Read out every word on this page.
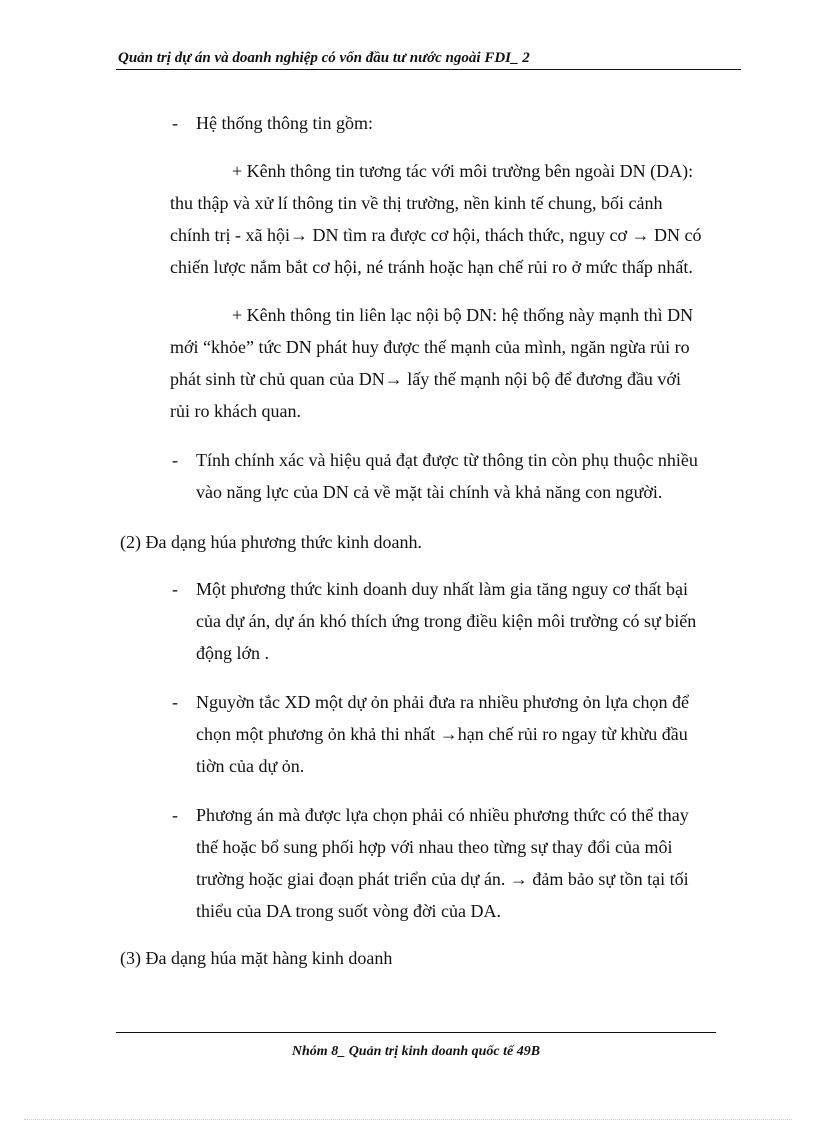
Quản trị dự án và doanh nghiệp có vốn đầu tư nước ngoài FDI_ 2
- Hệ thống thông tin gồm:
+ Kênh thông tin tương tác với môi trường bên ngoài DN (DA):
thu thập và xử lí thông tin về thị trường, nền kinh tế chung, bối cảnh
chính trị - xã hội→ DN tìm ra được cơ hội, thách thức, nguy cơ → DN có
chiến lược nắm bắt cơ hội, né tránh hoặc hạn chế rủi ro ở mức thấp nhất.
+ Kênh thông tin liên lạc nội bộ DN: hệ thống này mạnh thì DN
mới “khỏe” tức DN phát huy được thế mạnh của mình, ngăn ngừa rủi ro
phát sinh từ chủ quan của DN→ lấy thế mạnh nội bộ để đương đầu với
rủi ro khách quan.
- Tính chính xác và hiệu quả đạt được từ thông tin còn phụ thuộc nhiều
vào năng lực của DN cả về mặt tài chính và khả năng con người.
(2) Đa dạng húa phương thức kinh doanh.
- Một phương thức kinh doanh duy nhất làm gia tăng nguy cơ thất bại
của dự án, dự án khó thích ứng trong điều kiện môi trường có sự biến
động lớn .
- Nguyờn tắc XD một dự ỏn phải đưa ra nhiều phương ỏn lựa chọn để
chọn một phương ỏn khả thi nhất →hạn chế rủi ro ngay từ khừu đầu
tiờn của dự ỏn.
- Phương án mà được lựa chọn phải có nhiều phương thức có thể thay
thế hoặc bổ sung phối hợp với nhau theo từng sự thay đổi của môi
trường hoặc giai đoạn phát triển của dự án. → đảm bảo sự tồn tại tối
thiểu của DA trong suốt vòng đời của DA.
(3) Đa dạng húa mặt hàng kinh doanh
Nhóm 8_ Quản trị kinh doanh quốc tế 49B
